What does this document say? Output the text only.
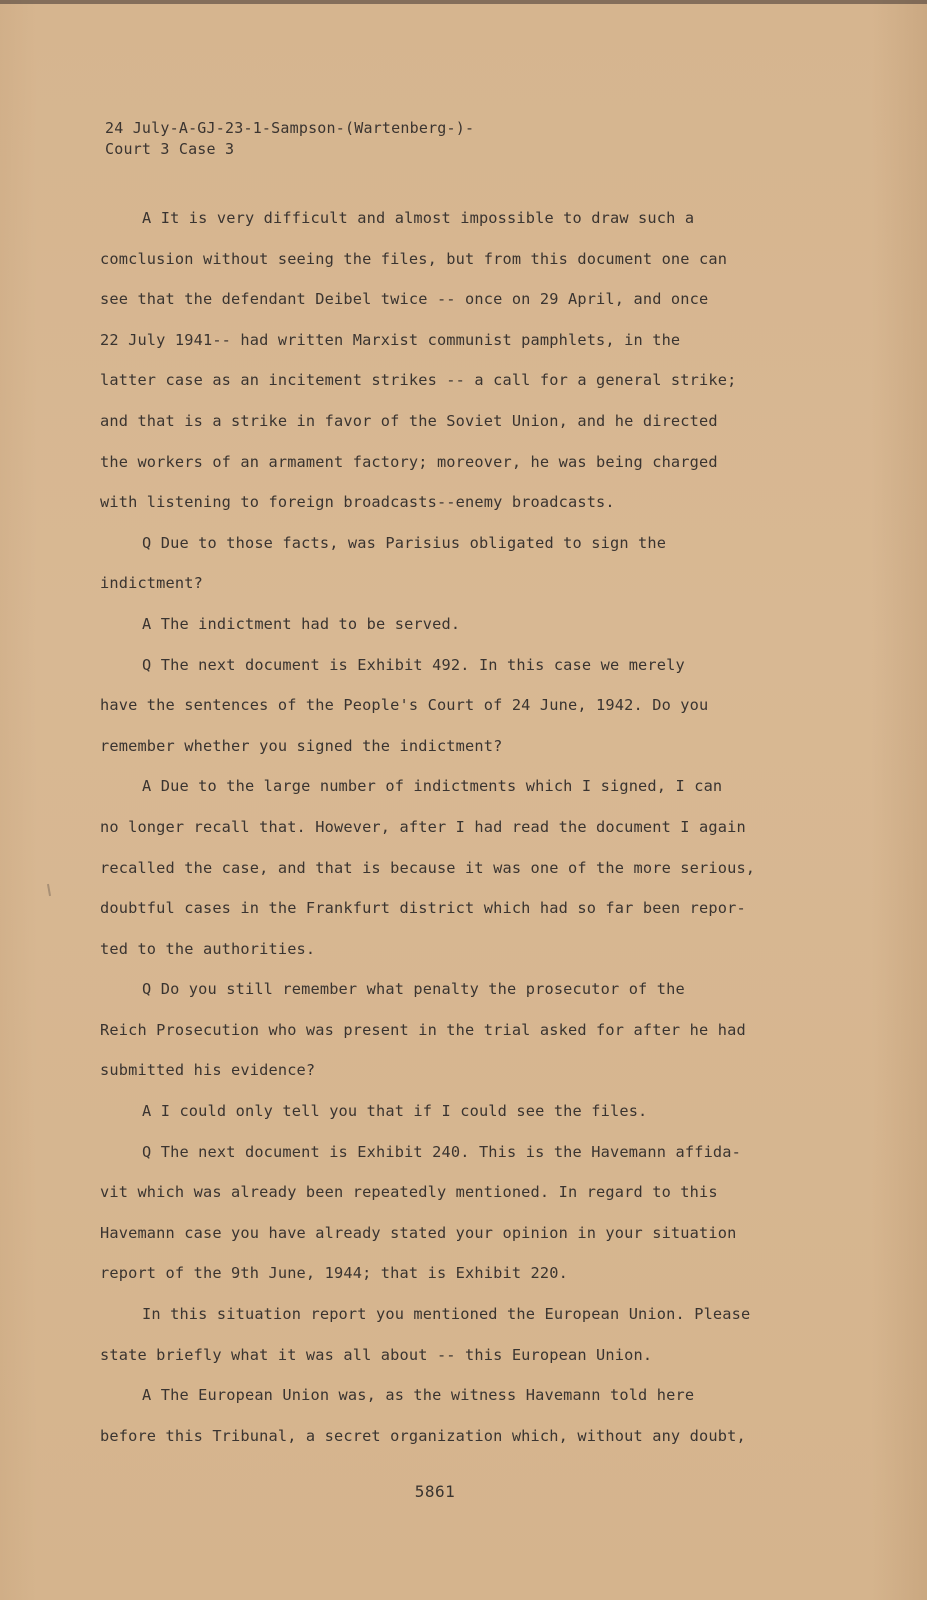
24 July-A-GJ-23-1-Sampson-(Wartenberg-)-
Court 3 Case 3
A It is very difficult and almost impossible to draw such a
comclusion without seeing the files, but from this document one can
see that the defendant Deibel twice -- once on 29 April, and once
22 July 1941-- had written Marxist communist pamphlets, in the
latter case as an incitement strikes -- a call for a general strike;
and that is a strike in favor of the Soviet Union, and he directed
the workers of an armament factory; moreover, he was being charged
with listening to foreign broadcasts--enemy broadcasts.
Q Due to those facts, was Parisius obligated to sign the
indictment?
A The indictment had to be served.
Q The next document is Exhibit 492. In this case we merely
have the sentences of the People's Court of 24 June, 1942. Do you
remember whether you signed the indictment?
A Due to the large number of indictments which I signed, I can
no longer recall that. However, after I had read the document I again
recalled the case, and that is because it was one of the more serious,
doubtful cases in the Frankfurt district which had so far been repor-
ted to the authorities.
Q Do you still remember what penalty the prosecutor of the
Reich Prosecution who was present in the trial asked for after he had
submitted his evidence?
A I could only tell you that if I could see the files.
Q The next document is Exhibit 240. This is the Havemann affida-
vit which was already been repeatedly mentioned. In regard to this
Havemann case you have already stated your opinion in your situation
report of the 9th June, 1944; that is Exhibit 220.
In this situation report you mentioned the European Union. Please
state briefly what it was all about -- this European Union.
A The European Union was, as the witness Havemann told here
before this Tribunal, a secret organization which, without any doubt,
5861
